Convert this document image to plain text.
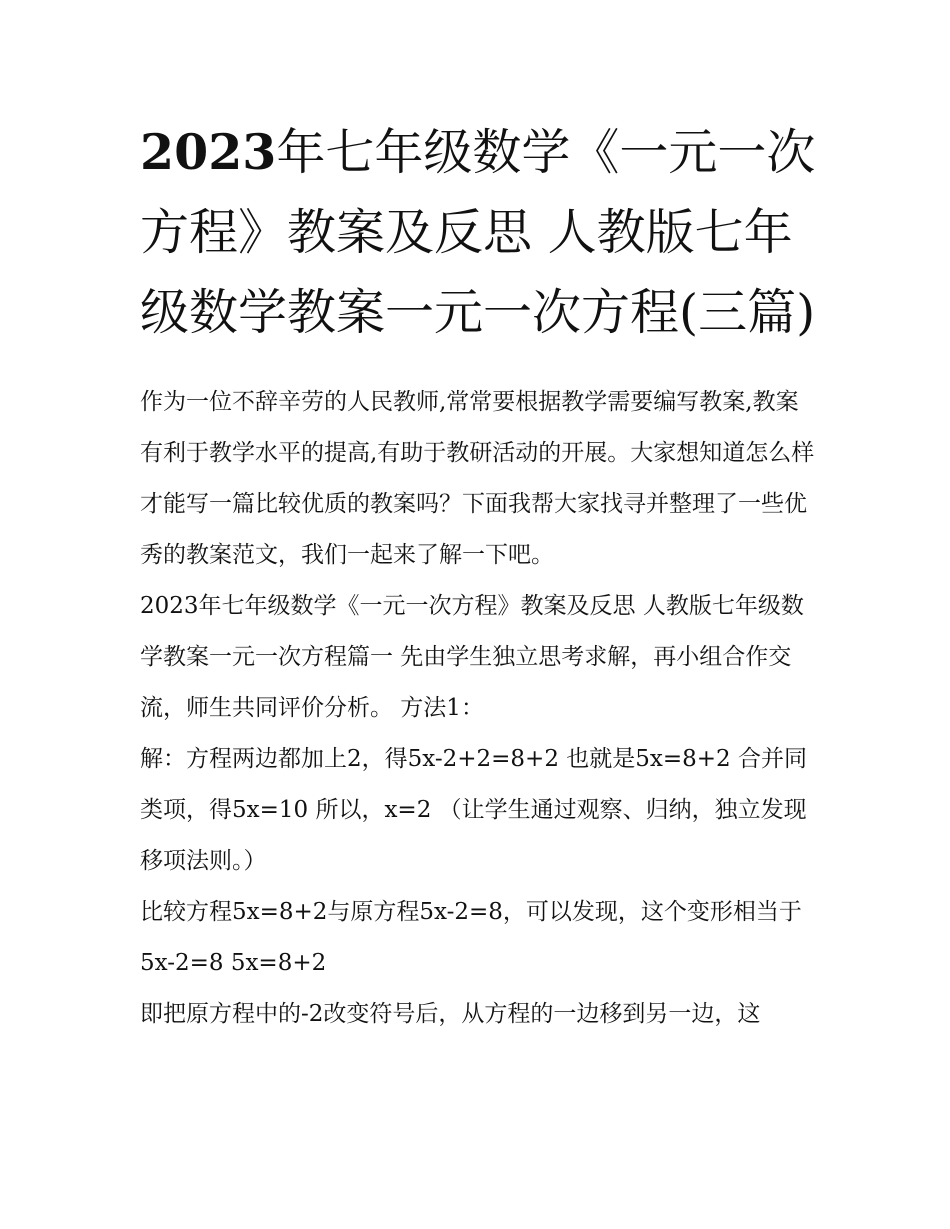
2023年七年级数学《一元一次方程》教案及反思 人教版七年级数学教案一元一次方程(三篇)

作为一位不辞辛劳的人民教师,常常要根据教学需要编写教案,教案有利于教学水平的提高,有助于教研活动的开展。大家想知道怎么样才能写一篇比较优质的教案吗？下面我帮大家找寻并整理了一些优秀的教案范文，我们一起来了解一下吧。

2023年七年级数学《一元一次方程》教案及反思 人教版七年级数学教案一元一次方程篇一 先由学生独立思考求解，再小组合作交流，师生共同评价分析。 方法1：

解：方程两边都加上2，得5x-2+2=8+2 也就是5x=8+2 合并同类项，得5x=10 所以，x=2 （让学生通过观察、归纳，独立发现移项法则。）

比较方程5x=8+2与原方程5x-2=8，可以发现，这个变形相当于 5x-2=8 5x=8+2

即把原方程中的-2改变符号后，从方程的一边移到另一边，这
